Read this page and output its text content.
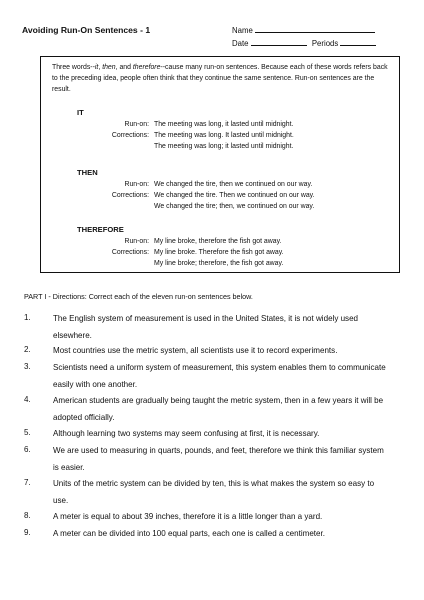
Avoiding Run-On Sentences - 1	Name
Date	Periods
Three words--it, then, and therefore--cause many run-on sentences. Because each of these words refers back to the preceding idea, people often think that they continue the same sentence. Run-on sentences are the result.
IT
Run-on: The meeting was long, it lasted until midnight.
Corrections: The meeting was long. It lasted until midnight.
The meeting was long; it lasted until midnight.
THEN
Run-on: We changed the tire, then we continued on our way.
Corrections: We changed the tire. Then we continued on our way.
We changed the tire; then, we continued on our way.
THEREFORE
Run-on: My line broke, therefore the fish got away.
Corrections: My line broke. Therefore the fish got away.
My line broke; therefore, the fish got away.
PART I - Directions: Correct each of the eleven run-on sentences below.
1.	The English system of measurement is used in the United States, it is not widely used elsewhere.
2.	Most countries use the metric system, all scientists use it to record experiments.
3.	Scientists need a uniform system of measurement, this system enables them to communicate easily with one another.
4.	American students are gradually being taught the metric system, then in a few years it will be adopted officially.
5.	Although learning two systems may seem confusing at first, it is necessary.
6.	We are used to measuring in quarts, pounds, and feet, therefore we think this familiar system is easier.
7.	Units of the metric system can be divided by ten, this is what makes the system so easy to use.
8.	A meter is equal to about 39 inches, therefore it is a little longer than a yard.
9.	A meter can be divided into 100 equal parts, each one is called a centimeter.
